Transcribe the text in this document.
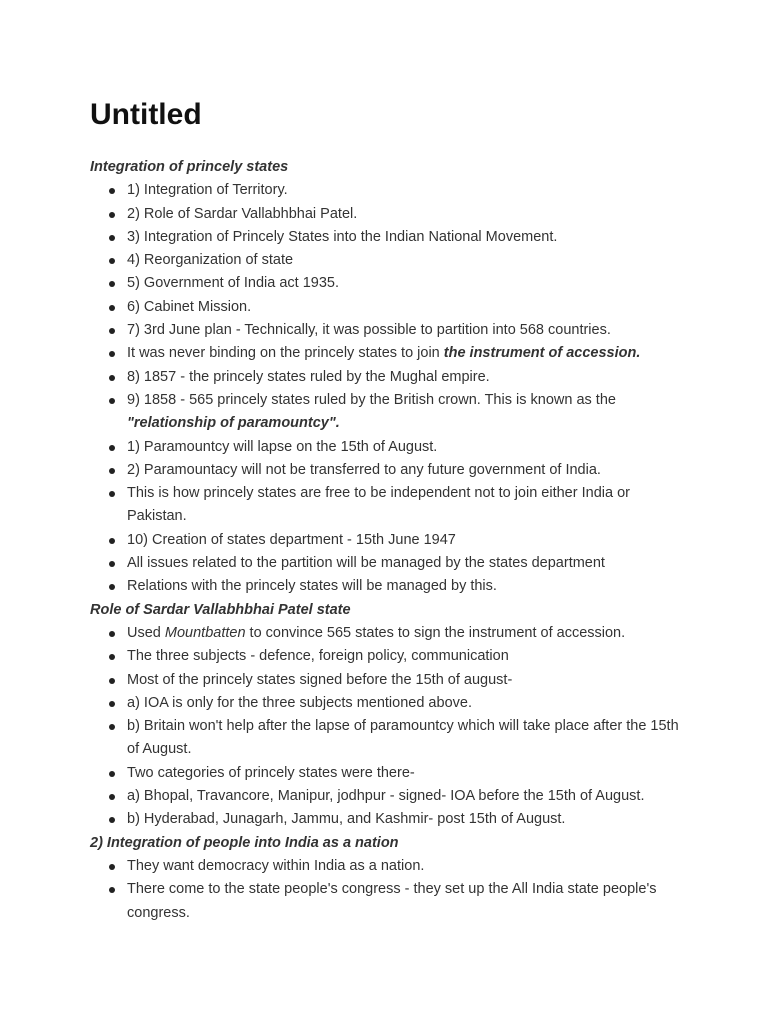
Untitled

Integration of princely states

1) Integration of Territory.
2) Role of Sardar Vallabhbhai Patel.
3) Integration of Princely States into the Indian National Movement.
4) Reorganization of state
5) Government of India act 1935.
6) Cabinet Mission.
7) 3rd June plan - Technically, it was possible to partition into 568 countries.
It was never binding on the princely states to join the instrument of accession.
8) 1857 - the princely states ruled by the Mughal empire.
9) 1858 - 565 princely states ruled by the British crown. This is known as the "relationship of paramountcy".
1) Paramountcy will lapse on the 15th of August.
2) Paramountacy will not be transferred to any future government of India.
This is how princely states are free to be independent not to join either India or Pakistan.
10) Creation of states department - 15th June 1947
All issues related to the partition will be managed by the states department
Relations with the princely states will be managed by this.

Role of Sardar Vallabhbhai Patel state

Used Mountbatten to convince 565 states to sign the instrument of accession.
The three subjects - defence, foreign policy, communication
Most of the princely states signed before the 15th of august-
a) IOA is only for the three subjects mentioned above.
b) Britain won't help after the lapse of paramountcy which will take place after the 15th of August.
Two categories of princely states were there-
a) Bhopal, Travancore, Manipur, jodhpur - signed- IOA before the 15th of August.
b) Hyderabad, Junagarh, Jammu, and Kashmir- post 15th of August.

2) Integration of people into India as a nation

They want democracy within India as a nation.
There come to the state people's congress - they set up the All India state people's congress.
